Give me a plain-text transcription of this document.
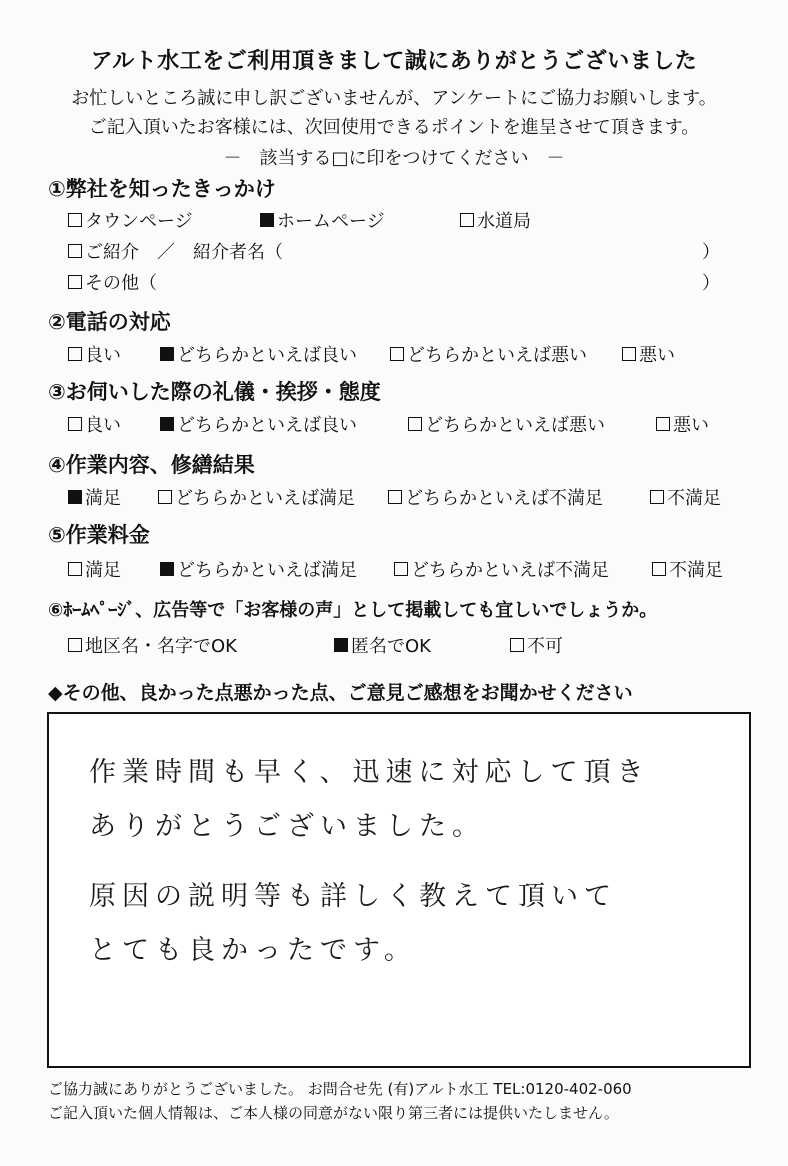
アルト水工をご利用頂きまして誠にありがとうございました
お忙しいところ誠に申し訳ございませんが、アンケートにご協力お願いします。
ご記入頂いたお客様には、次回使用できるポイントを進呈させて頂きます。
－　該当する□に印をつけてください　－
①弊社を知ったきっかけ
タウンページ	ホームページ	水道局
ご紹介　／　紹介者名（	）
その他（	）
②電話の対応
良い	どちらかといえば良い	どちらかといえば悪い	悪い
③お伺いした際の礼儀・挨拶・態度
良い	どちらかといえば良い	どちらかといえば悪い	悪い
④作業内容、修繕結果
満足	どちらかといえば満足	どちらかといえば不満足	不満足
⑤作業料金
満足	どちらかといえば満足	どちらかといえば不満足	不満足
⑥ﾎｰﾑﾍﾟｰｼﾞ、広告等で「お客様の声」として掲載しても宜しいでしょうか。
地区名・名字でOK	匿名でOK	不可
◆その他、良かった点悪かった点、ご意見ご感想をお聞かせください
作業時間も早く、迅速に対応して頂き
ありがとうございました。
原因の説明等も詳しく教えて頂いて
とても良かったです。
ご協力誠にありがとうございました。 お問合せ先 (有)アルト水工 TEL:0120-402-060
ご記入頂いた個人情報は、ご本人様の同意がない限り第三者には提供いたしません。
